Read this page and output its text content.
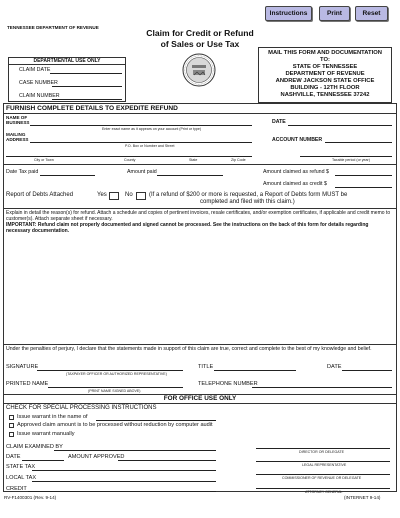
Instructions	Print	Reset
TENNESSEE DEPARTMENT OF REVENUE
Claim for Credit or Refund
of Sales or Use Tax
DEPARTMENTAL USE ONLY
CLAIM DATE
CASE NUMBER
CLAIM NUMBER
MAIL THIS FORM AND DOCUMENTATION
TO:
STATE OF TENNESSEE
DEPARTMENT OF REVENUE
ANDREW JACKSON STATE OFFICE
BUILDING - 12TH FLOOR
NASHVILLE, TENNESSEE 37242
FURNISH COMPLETE DETAILS TO EXPEDITE REFUND
NAME OF BUSINESS
Enter exact name as it appears on your account (Print or type)
DATE
MAILING ADDRESS
P.O. Box or Number and Street
ACCOUNT NUMBER
City or Town	County	State	Zip Code	Taxable period (or year)
Date Tax paid	Amount paid	Amount claimed as refund $
Amount claimed as credit $
Report of Debts Attached	Yes	No	(If a refund of $200 or more is requested, a Report of Debts form MUST be
completed and filed with this claim.)
Explain in detail the reason(s) for refund. Attach a schedule and copies of pertinent invoices, resale certificates, and/or exemption certificates, if applicable and credit memo to customer(s). Attach separate sheet if necessary.
IMPORTANT: Refund claim not properly documented and signed cannot be processed. See the instructions on the back of this form for details regarding necessary documentation.
Under the penalties of perjury, I declare that the statements made in support of this claim are true, correct and complete to the best of my knowledge and belief.
SIGNATURE
(TAXPAYER OFFICER OR AUTHORIZED REPRESENTATIVE)
TITLE	DATE
PRINTED NAME
(PRINT NAME SIGNED ABOVE)
TELEPHONE NUMBER
FOR OFFICE USE ONLY
CHECK FOR SPECIAL PROCESSING INSTRUCTIONS
Issue warrant in the name of
Approved claim amount is to be processed without reduction by computer audit
Issue warrant manually
CLAIM EXAMINED BY
DIRECTOR OR DELEGATE
DATE	AMOUNT APPROVED
STATE TAX	LEGAL REPRESENTATIVE
LOCAL TAX	COMMISSIONER OF REVENUE OR DELEGATE
CREDIT	ATTORNEY GENERAL
RV-F1400301 (Rev. 9-14)	(INTERNET 9-14)
